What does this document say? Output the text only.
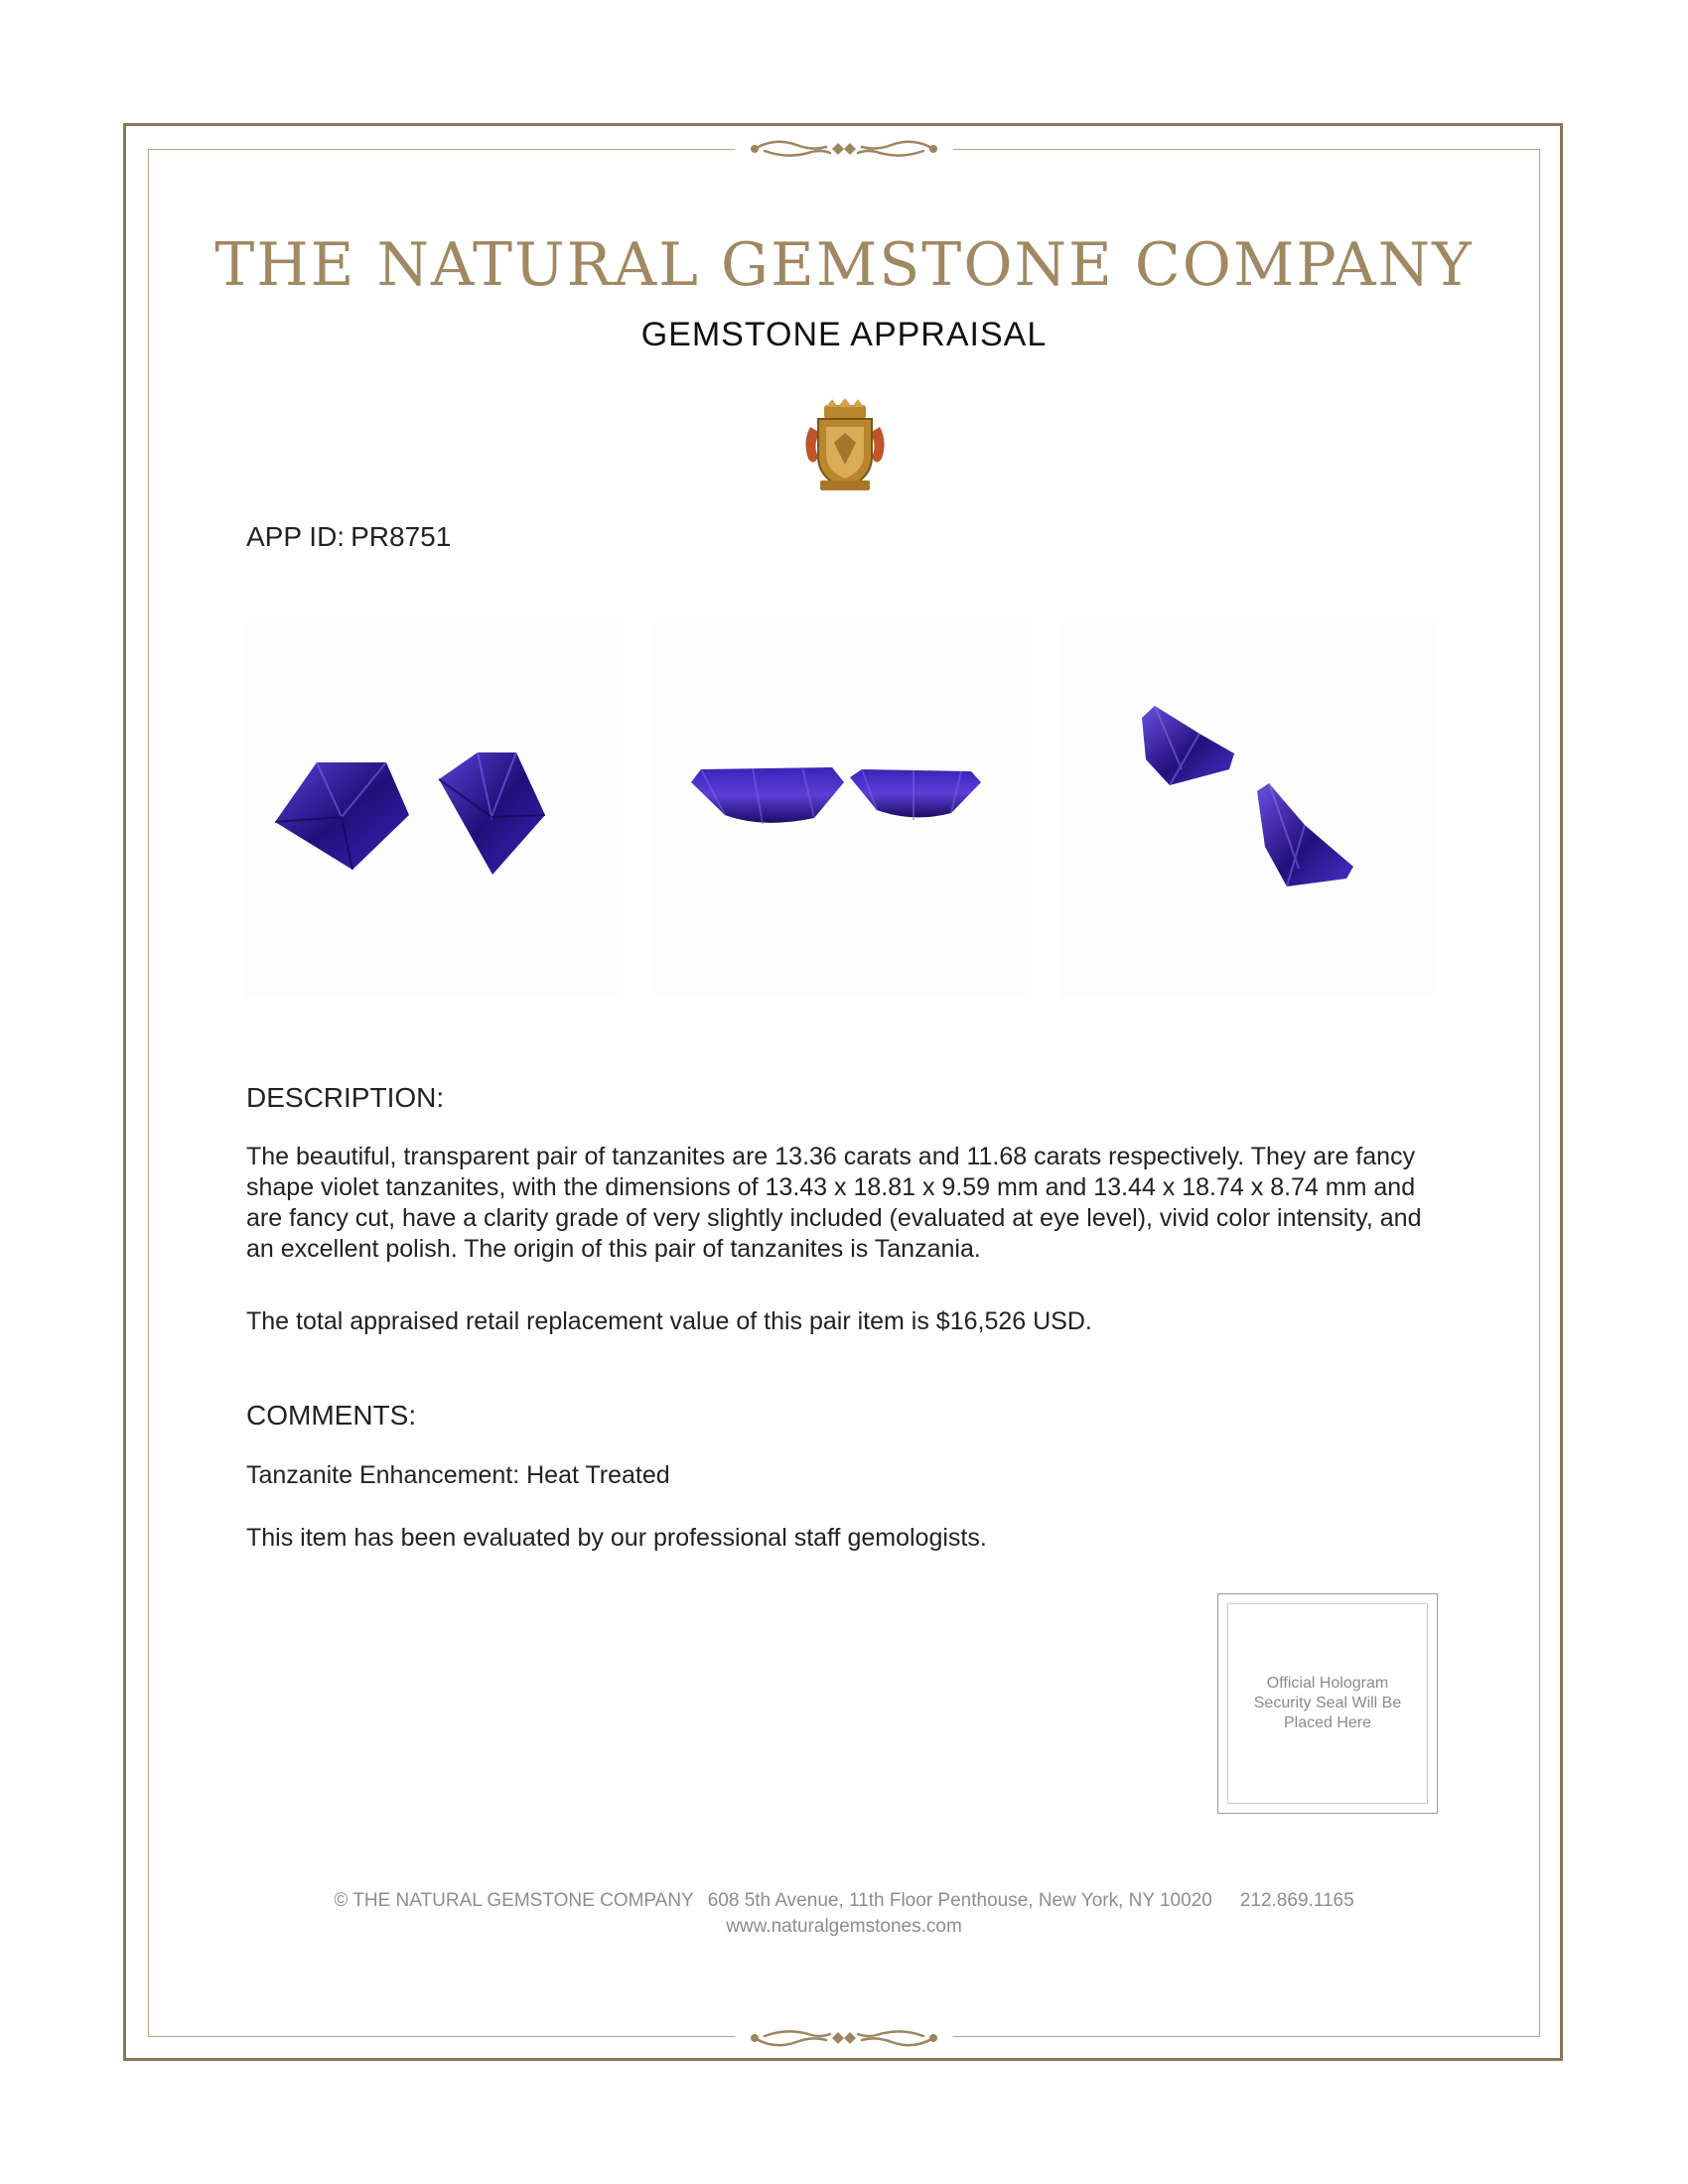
THE NATURAL GEMSTONE COMPANY
GEMSTONE APPRAISAL
APP ID: PR8751
DESCRIPTION:

The beautiful, transparent pair of tanzanites are 13.36 carats and 11.68 carats respectively. They are fancy shape violet tanzanites, with the dimensions of 13.43 x 18.81 x 9.59 mm and 13.44 x 18.74 x 8.74 mm and are fancy cut, have a clarity grade of very slightly included (evaluated at eye level), vivid color intensity, and an excellent polish. The origin of this pair of tanzanites is Tanzania.

The total appraised retail replacement value of this pair item is $16,526 USD.

COMMENTS:

Tanzanite Enhancement: Heat Treated

This item has been evaluated by our professional staff gemologists.

Official Hologram Security Seal Will Be Placed Here
© THE NATURAL GEMSTONE COMPANY 608 5th Avenue, 11th Floor Penthouse, New York, NY 10020 212.869.1165
www.naturalgemstones.com
